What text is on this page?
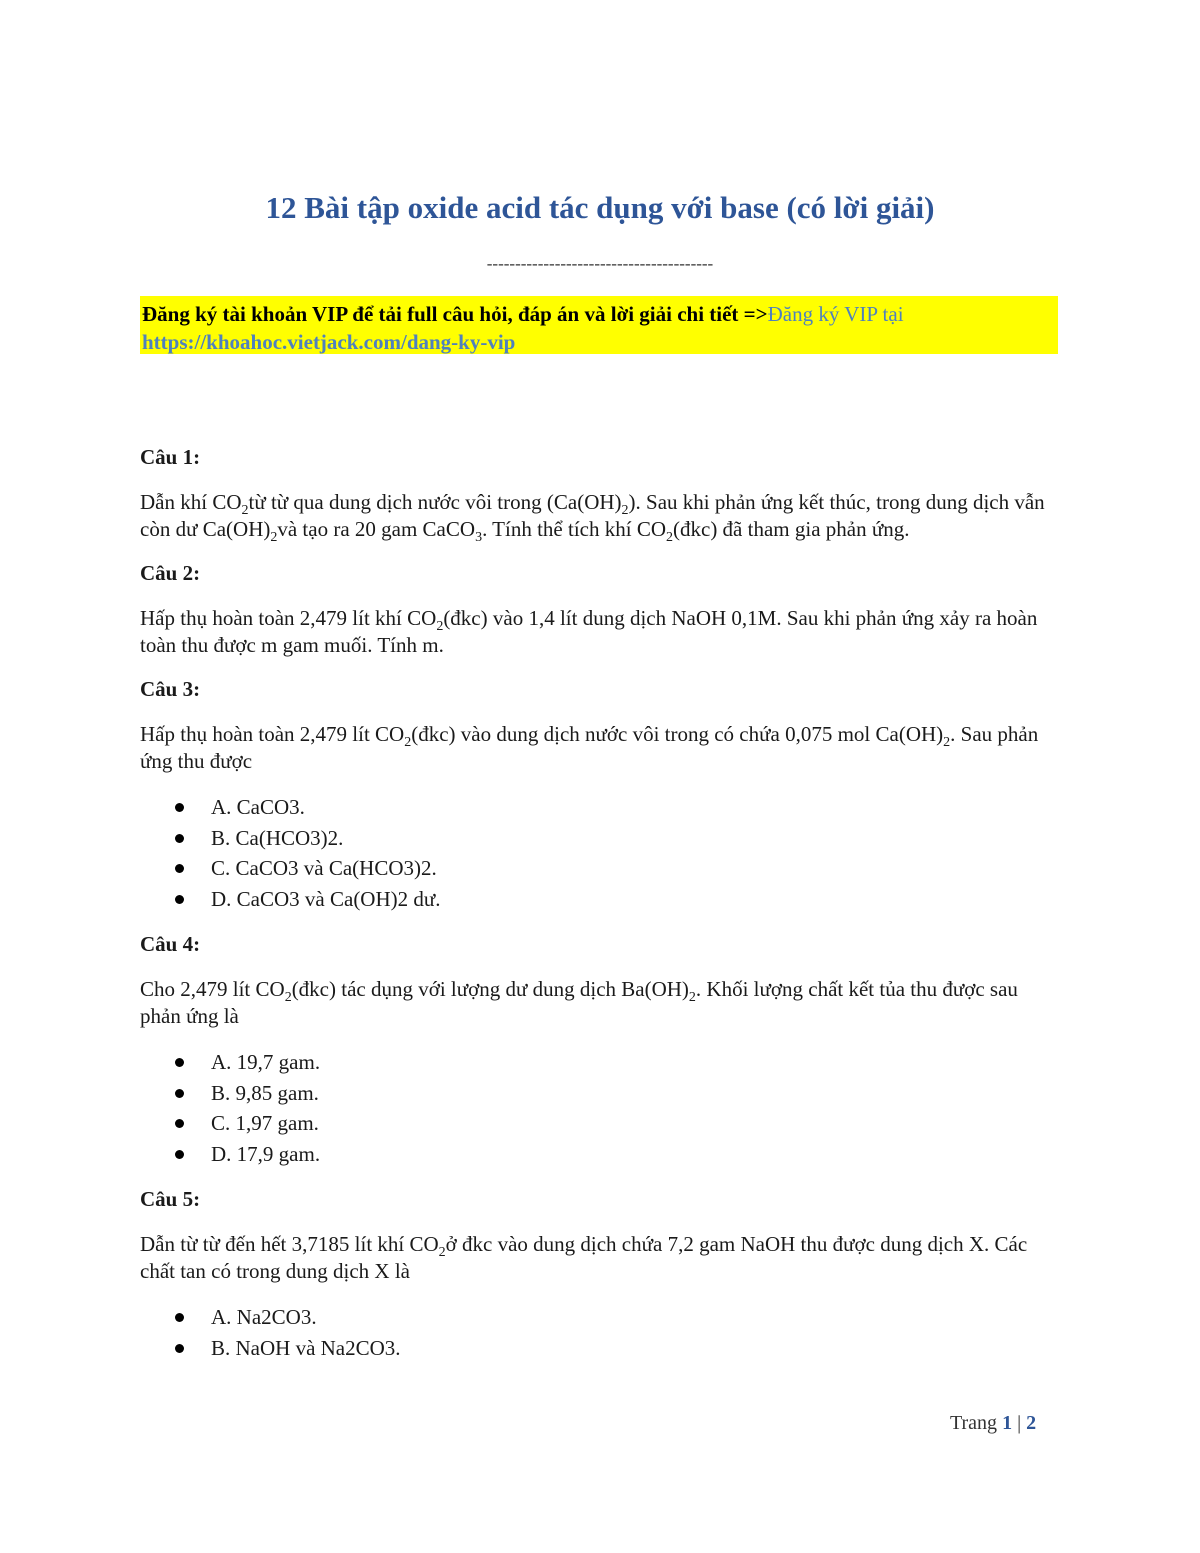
12 Bài tập oxide acid tác dụng với base (có lời giải)
----------------------------------------
Đăng ký tài khoản VIP để tải full câu hỏi, đáp án và lời giải chi tiết =>Đăng ký VIP tại
https://khoahoc.vietjack.com/dang-ky-vip

Câu 1:

Dẫn khí $CO_2từ$ từ qua dung dịch nước vôi trong $(Ca(OH)_2)$. Sau khi phản ứng kết thúc, trong dung dịch vẫn còn dư $Ca(OH)_2và$ tạo ra 20 gam CaCO$_3$. Tính thể tích khí $CO_2(đkc)$ đã tham gia phản ứng.

Câu 2:

Hấp thụ hoàn toàn 2,479 lít khí $CO_2(đkc)$ vào 1,4 lít dung dịch NaOH 0,1M. Sau khi phản ứng xảy ra hoàn toàn thu được m gam muối. Tính m.

Câu 3:

Hấp thụ hoàn toàn 2,479 lít $CO_2(đkc)$ vào dung dịch nước vôi trong có chứa 0,075 mol $Ca(OH)_2$. Sau phản ứng thu được

A. CaCO3.
B. Ca(HCO3)2.
C. CaCO3 và Ca(HCO3)2.
D. CaCO3 và Ca(OH)2 dư.

Câu 4:

Cho 2,479 lít $CO_2(đkc)$ tác dụng với lượng dư dung dịch $Ba(OH)_2$. Khối lượng chất kết tủa thu được sau phản ứng là

A. 19,7 gam.
B. 9,85 gam.
C. 1,97 gam.
D. 17,9 gam.

Câu 5:

Dẫn từ từ đến hết 3,7185 lít khí $CO_2ở$ đkc vào dung dịch chứa 7,2 gam NaOH thu được dung dịch X. Các chất tan có trong dung dịch X là

A. Na2CO3.
B. NaOH và Na2CO3.
Trang 1 | 2
